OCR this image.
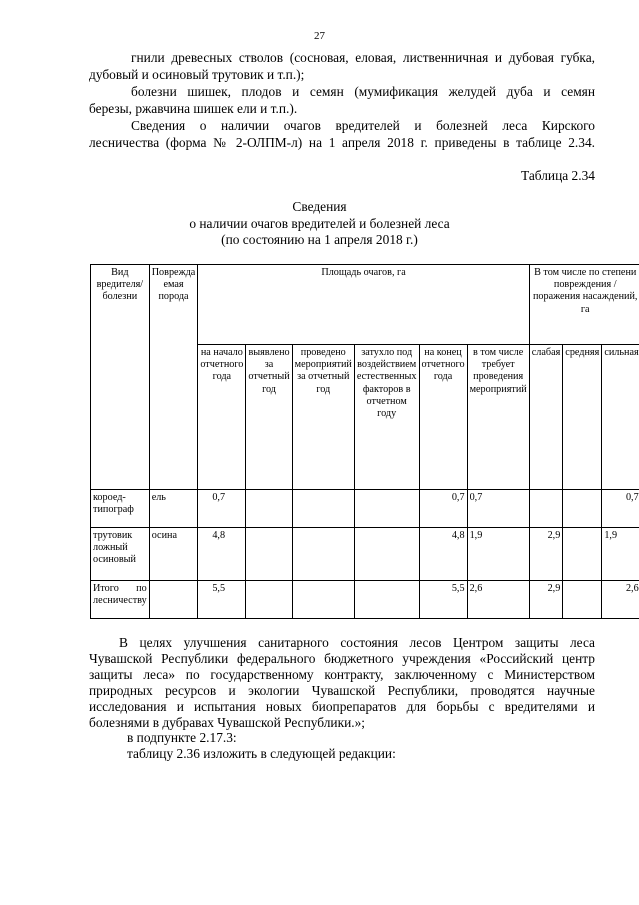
27
гнили древесных стволов (сосновая, еловая, лиственничная и дубовая губка,
дубовый и осиновый трутовик и т.п.);
болезни шишек, плодов и семян (мумификация желудей дуба и семян
березы, ржавчина шишек ели и т.п.).
Сведения о наличии очагов вредителей и болезней леса Кирского
лесничества (форма № 2-ОЛПМ-л) на 1 апреля 2018 г. приведены в таблице 2.34.
Таблица 2.34
Сведения
о наличии очагов вредителей и болезней леса
(по состоянию на 1 апреля 2018 г.)
Вид вредителя/болезни	Поврежда емая порода	Площадь очагов, га						В том числе по степени повреждения / поражения насаждений, га		
		на начало отчетного года	выявлено за отчетный год	проведено мероприятий за отчетный год	затухло под воздействием естественных факторов в отчетном году	на конец отчетного года	в том числе требует проведения мероприятий	слабая	средняя	сильная
короед-типограф	ель	0,7				0,7	0,7			0,7
трутовик ложный осиновый	осина	4,8				4,8	1,9	2,9		1,9
Итого по лесничеству		5,5				5,5	2,6	2,9		2,6
В целях улучшения санитарного состояния лесов Центром защиты леса Чувашской Республики федерального бюджетного учреждения «Российский центр защиты леса» по государственному контракту, заключенному с Министерством природных ресурсов и экологии Чувашской Республики, проводятся научные исследования и испытания новых биопрепаратов для борьбы с вредителями и болезнями в дубравах Чувашской Республики.»;
в подпункте 2.17.3:
таблицу 2.36 изложить в следующей редакции:
